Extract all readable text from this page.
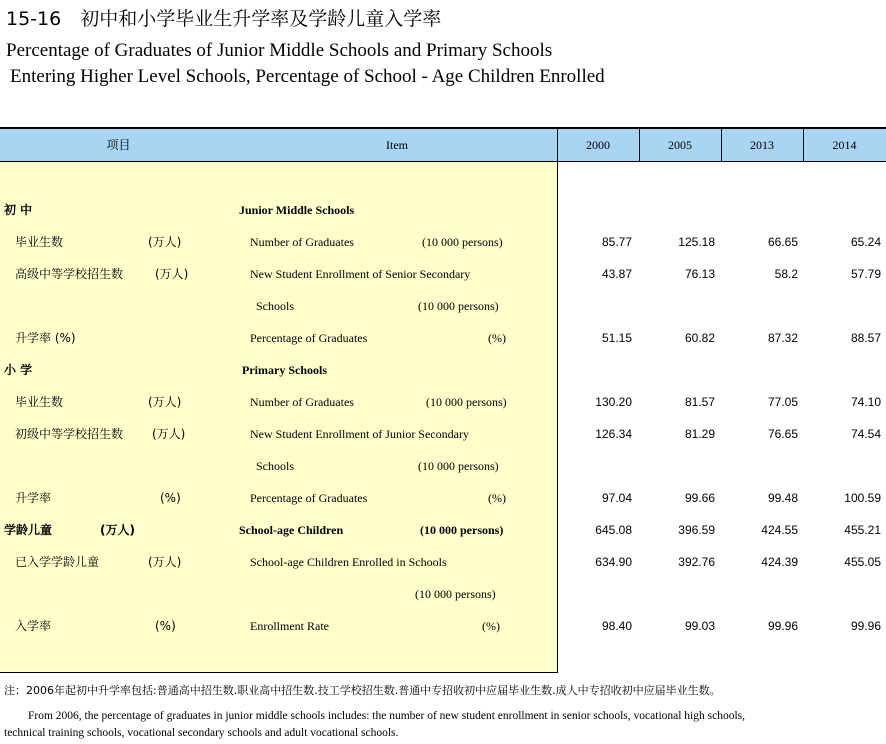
15-16　初中和小学毕业生升学率及学龄儿童入学率
Percentage of Graduates of Junior Middle Schools and Primary Schools
Entering Higher Level Schools, Percentage of School - Age Children Enrolled
项目	Item	2000	2005	2013	2014
初 中	Junior Middle Schools
毕业生数	(万人)	Number of Graduates	(10 000 persons)	85.77	125.18	66.65	65.24
高级中等学校招生数	(万人)	New Student Enrollment of Senior Secondary	43.87	76.13	58.2	57.79
Schools	(10 000 persons)
升学率 (%)	Percentage of Graduates	(%)	51.15	60.82	87.32	88.57
小 学	Primary Schools
毕业生数	(万人)	Number of Graduates	(10 000 persons)	130.20	81.57	77.05	74.10
初级中等学校招生数 (万人)	New Student Enrollment of Junior Secondary	126.34	81.29	76.65	74.54
Schools	(10 000 persons)
升学率	(%)	Percentage of Graduates	(%)	97.04	99.66	99.48	100.59
学龄儿童	(万人)	School-age Children	(10 000 persons)	645.08	396.59	424.55	455.21
已入学学龄儿童	(万人)	School-age Children Enrolled in Schools	634.90	392.76	424.39	455.05
(10 000 persons)
入学率	(%)	Enrollment Rate	(%)	98.40	99.03	99.96	99.96
注：2006年起初中升学率包括:普通高中招生数.职业高中招生数.技工学校招生数.普通中专招收初中应届毕业生数.成人中专招收初中应届毕业生数。
From 2006, the percentage of graduates in junior middle schools includes: the number of new student enrollment in senior schools, vocational high schools,
technical training schools, vocational secondary schools and adult vocational schools.
